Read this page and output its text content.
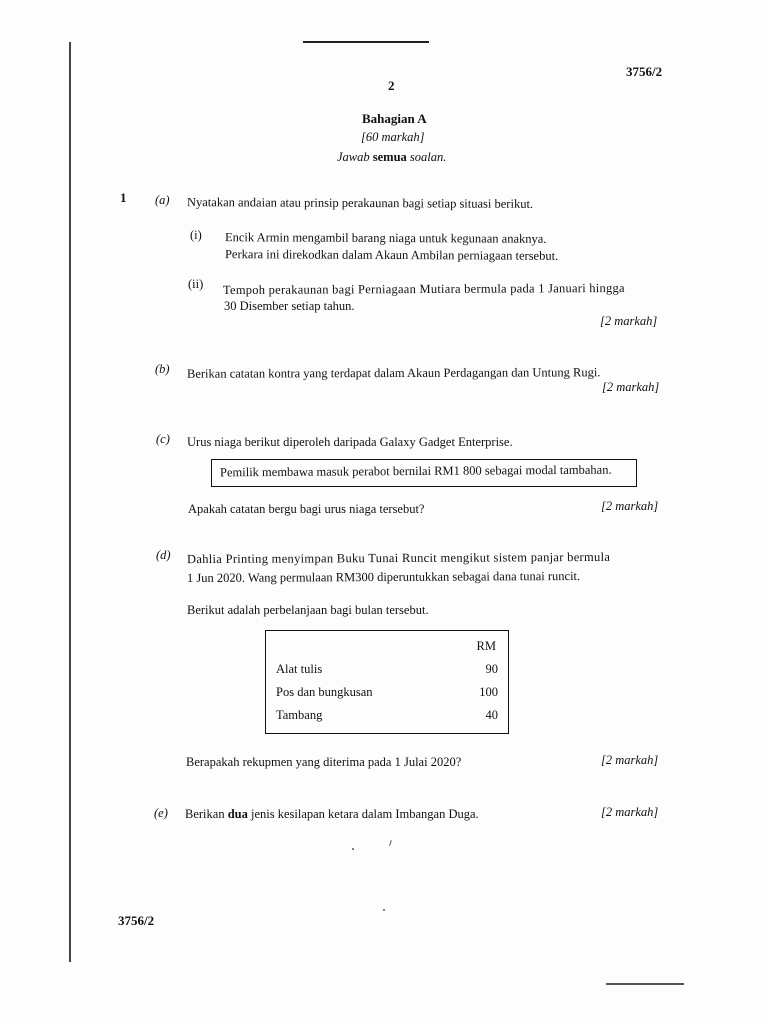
3756/2
2
Bahagian A
[60 markah]
Jawab semua soalan.
1 (a) Nyatakan andaian atau prinsip perakaunan bagi setiap situasi berikut.
(i) Encik Armin mengambil barang niaga untuk kegunaan anaknya.
Perkara ini direkodkan dalam Akaun Ambilan perniagaan tersebut.
(ii) Tempoh perakaunan bagi Perniagaan Mutiara bermula pada 1 Januari hingga
30 Disember setiap tahun.
[2 markah]
(b) Berikan catatan kontra yang terdapat dalam Akaun Perdagangan dan Untung Rugi.
[2 markah]
(c) Urus niaga berikut diperoleh daripada Galaxy Gadget Enterprise.
Pemilik membawa masuk perabot bernilai RM1 800 sebagai modal tambahan.
Apakah catatan bergu bagi urus niaga tersebut?	[2 markah]
(d) Dahlia Printing menyimpan Buku Tunai Runcit mengikut sistem panjar bermula
1 Jun 2020. Wang permulaan RM300 diperuntukkan sebagai dana tunai runcit.
Berikut adalah perbelanjaan bagi bulan tersebut.
RM
Alat tulis	90
Pos dan bungkusan	100
Tambang	40
Berapakah rekupmen yang diterima pada 1 Julai 2020?	[2 markah]
(e) Berikan dua jenis kesilapan ketara dalam Imbangan Duga.	[2 markah]
3756/2
